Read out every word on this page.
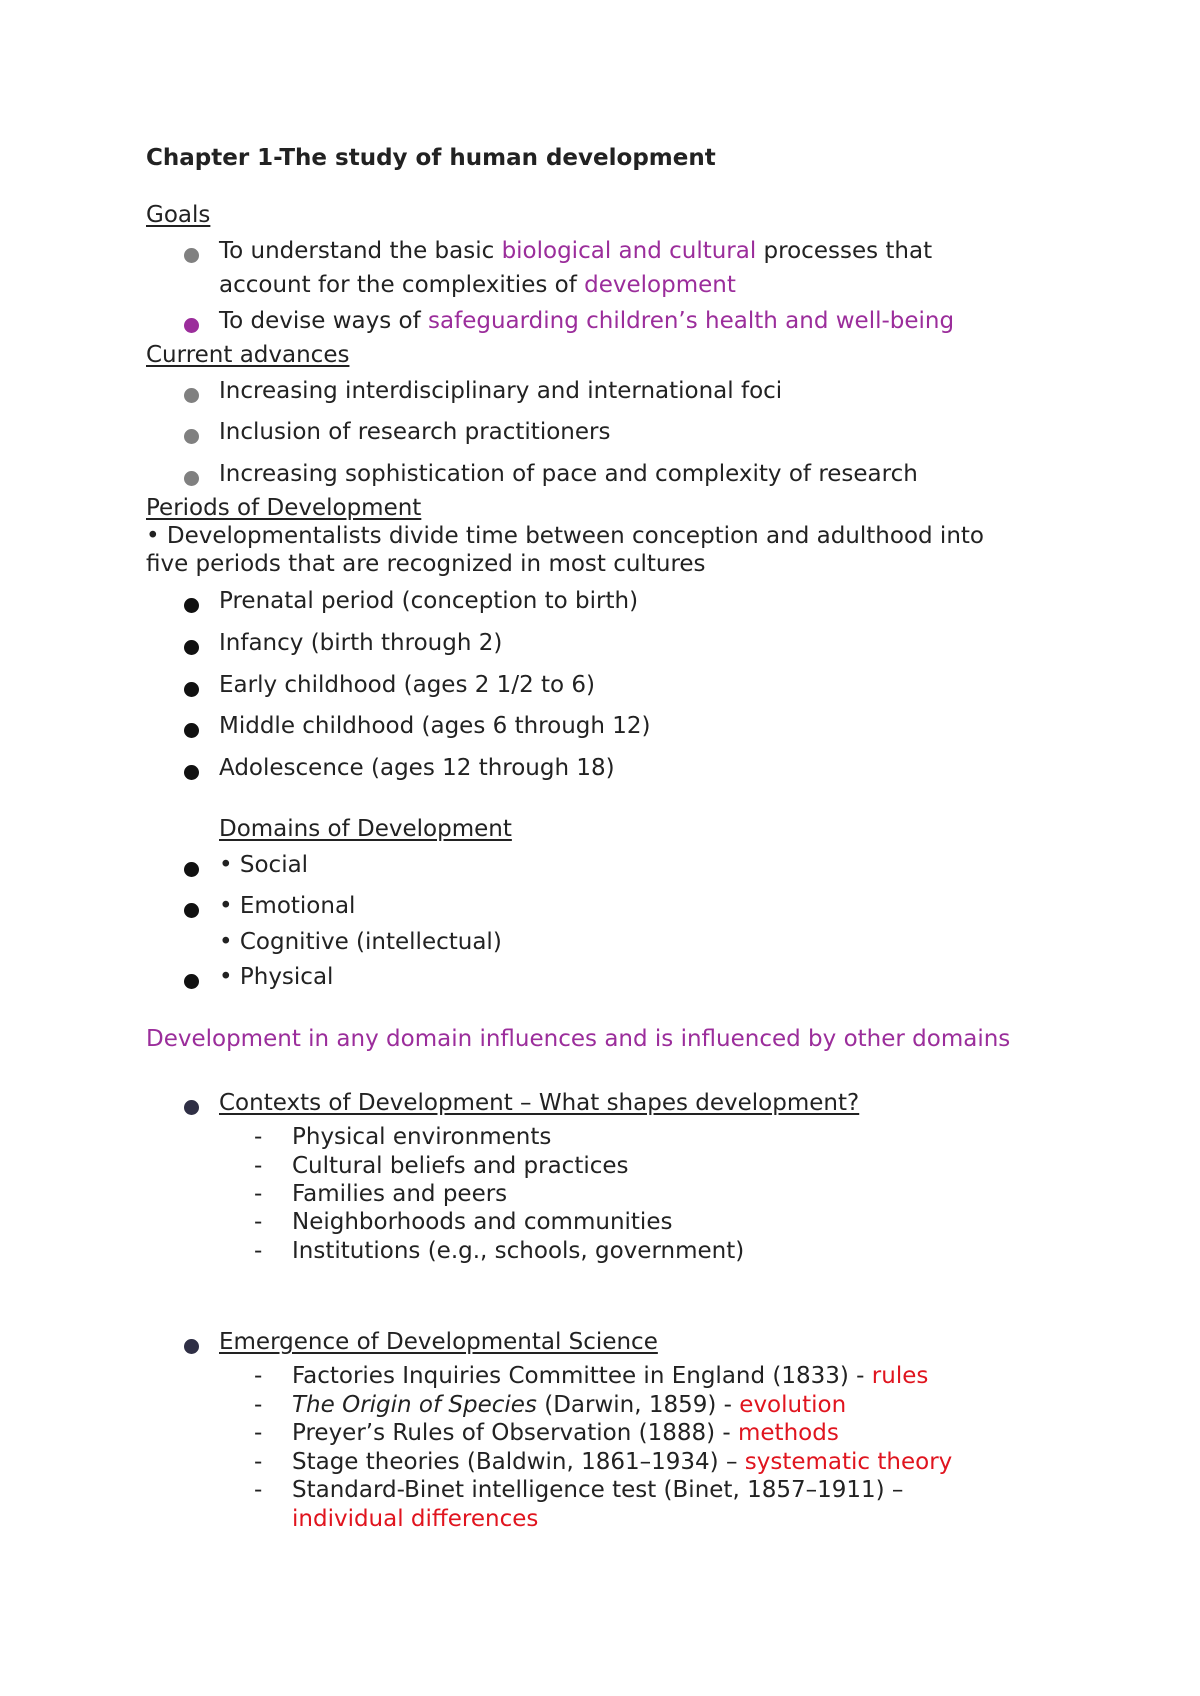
Chapter 1-The study of human development
Goals
To understand the basic biological and cultural processes that
account for the complexities of development
To devise ways of safeguarding children’s health and well-being
Current advances
Increasing interdisciplinary and international foci
Inclusion of research practitioners
Increasing sophistication of pace and complexity of research
Periods of Development
• Developmentalists divide time between conception and adulthood into
five periods that are recognized in most cultures
Prenatal period (conception to birth)
Infancy (birth through 2)
Early childhood (ages 2 1/2 to 6)
Middle childhood (ages 6 through 12)
Adolescence (ages 12 through 18)
Domains of Development
• Social
• Emotional
• Cognitive (intellectual)
• Physical
Development in any domain influences and is influenced by other domains
Contexts of Development – What shapes development?
- Physical environments
- Cultural beliefs and practices
- Families and peers
- Neighborhoods and communities
- Institutions (e.g., schools, government)
Emergence of Developmental Science
- Factories Inquiries Committee in England (1833) - rules
- The Origin of Species (Darwin, 1859) - evolution
- Preyer’s Rules of Observation (1888) - methods
- Stage theories (Baldwin, 1861–1934) – systematic theory
- Standard-Binet intelligence test (Binet, 1857–1911) –
individual differences
